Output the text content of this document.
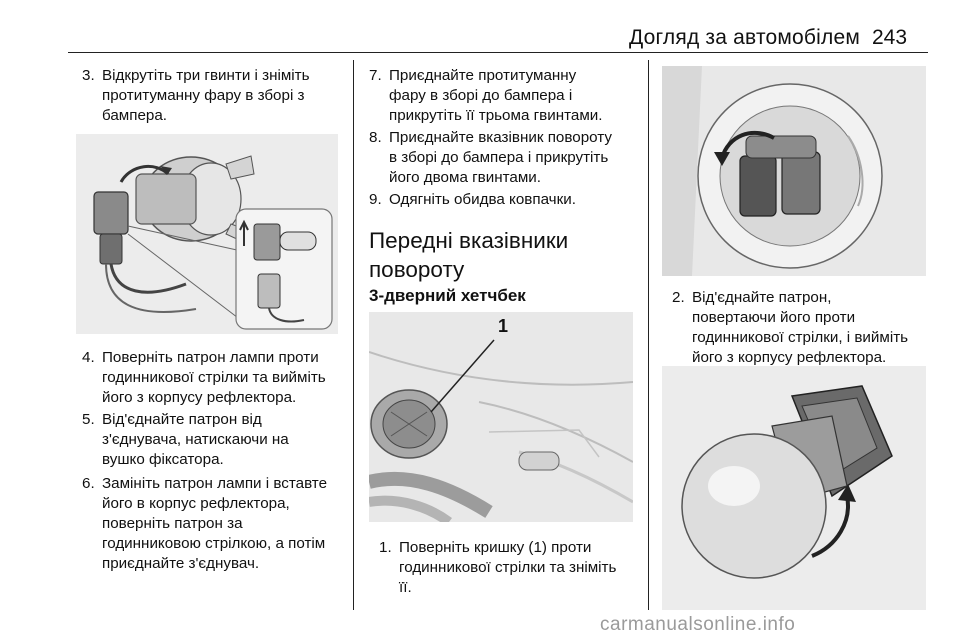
Догляд за автомобілем 243
3. Відкрутіть три гвинти і зніміть
протитуманну фару в зборі з
бампера.
4. Поверніть патрон лампи проти
годинникової стрілки та вийміть
його з корпусу рефлектора.
5. Від'єднайте патрон від
з'єднувача, натискаючи на
вушко фіксатора.
6. Замініть патрон лампи і вставте
його в корпус рефлектора,
поверніть патрон за
годинниковою стрілкою, а потім
приєднайте з'єднувач.
7. Приєднайте протитуманну
фару в зборі до бампера і
прикрутіть її трьома гвинтами.
8. Приєднайте вказівник повороту
в зборі до бампера і прикрутіть
його двома гвинтами.
9. Одягніть обидва ковпачки.
Передні вказівники
повороту
3-дверний хетчбек
1
1. Поверніть кришку (1) проти
годинникової стрілки та зніміть
її.
2. Від'єднайте патрон,
повертаючи його проти
годинникової стрілки, і вийміть
його з корпусу рефлектора.
carmanualsonline.info
